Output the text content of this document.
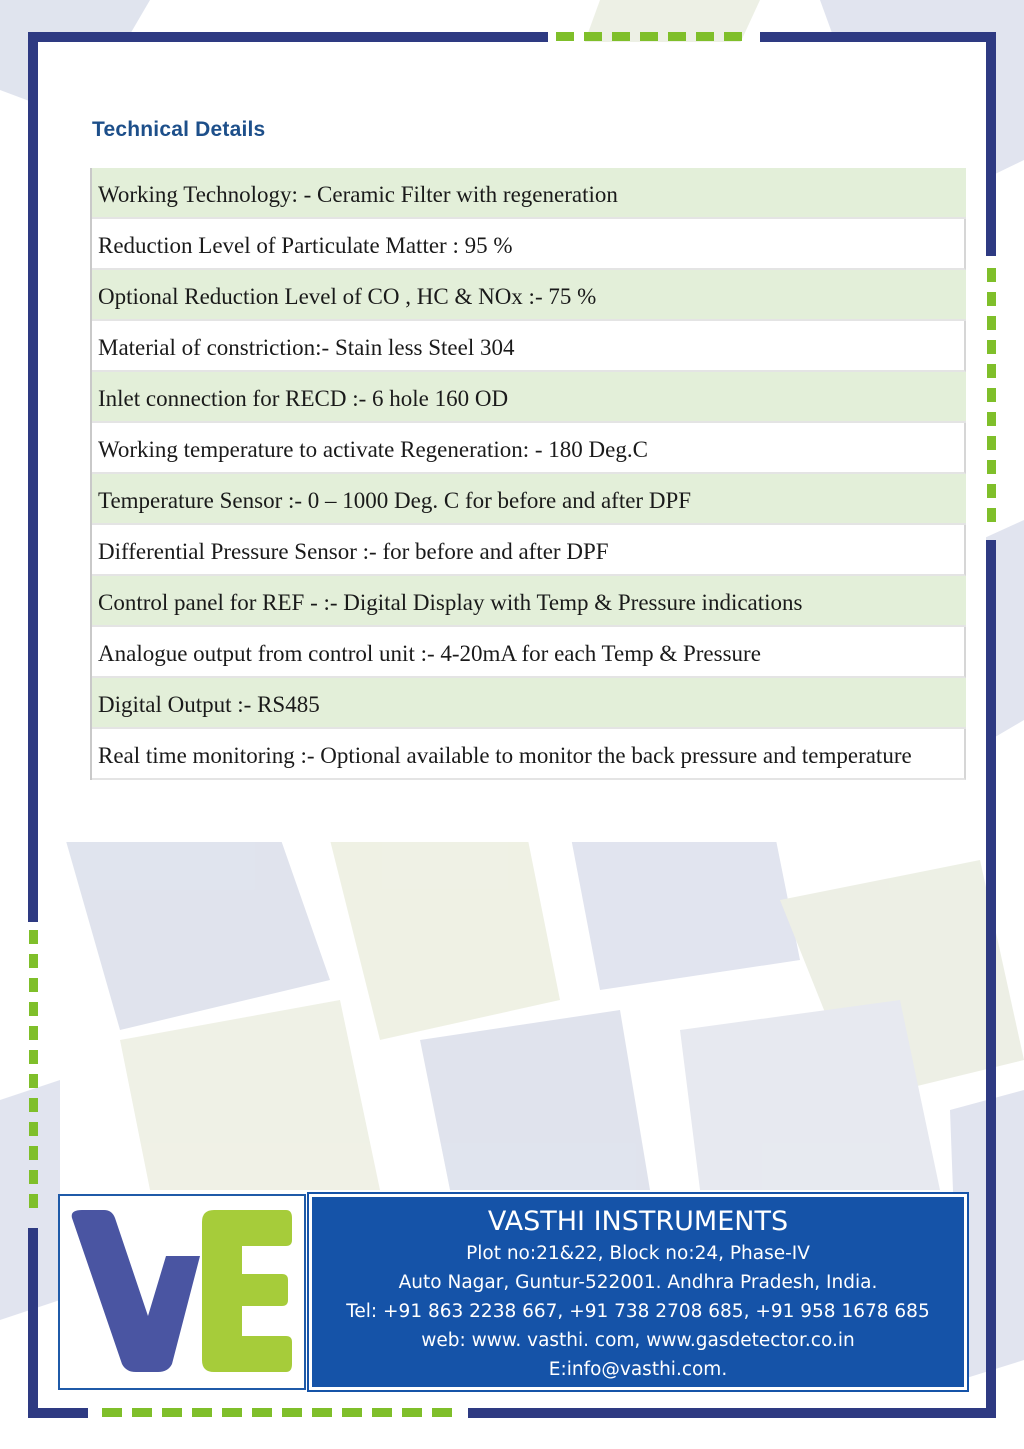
Technical Details
Working Technology: - Ceramic Filter with regeneration
Reduction Level of Particulate Matter : 95 %
Optional Reduction Level of CO , HC & NOx :- 75 %
Material of constriction:- Stain less Steel 304
Inlet connection for RECD :- 6 hole 160 OD
Working temperature to activate Regeneration: - 180 Deg.C
Temperature Sensor :- 0 – 1000 Deg. C for before and after DPF
Differential Pressure Sensor :- for before and after DPF
Control panel for REF - :- Digital Display with Temp & Pressure indications
Analogue output from control unit :- 4-20mA for each Temp & Pressure
Digital Output :- RS485
Real time monitoring :- Optional available to monitor the back pressure and temperature
VASTHI INSTRUMENTS
Plot no:21&22, Block no:24, Phase-IV
Auto Nagar, Guntur-522001. Andhra Pradesh, India.
Tel: +91 863 2238 667, +91 738 2708 685, +91 958 1678 685
web: www. vasthi. com, www.gasdetector.co.in
E:info@vasthi.com.
